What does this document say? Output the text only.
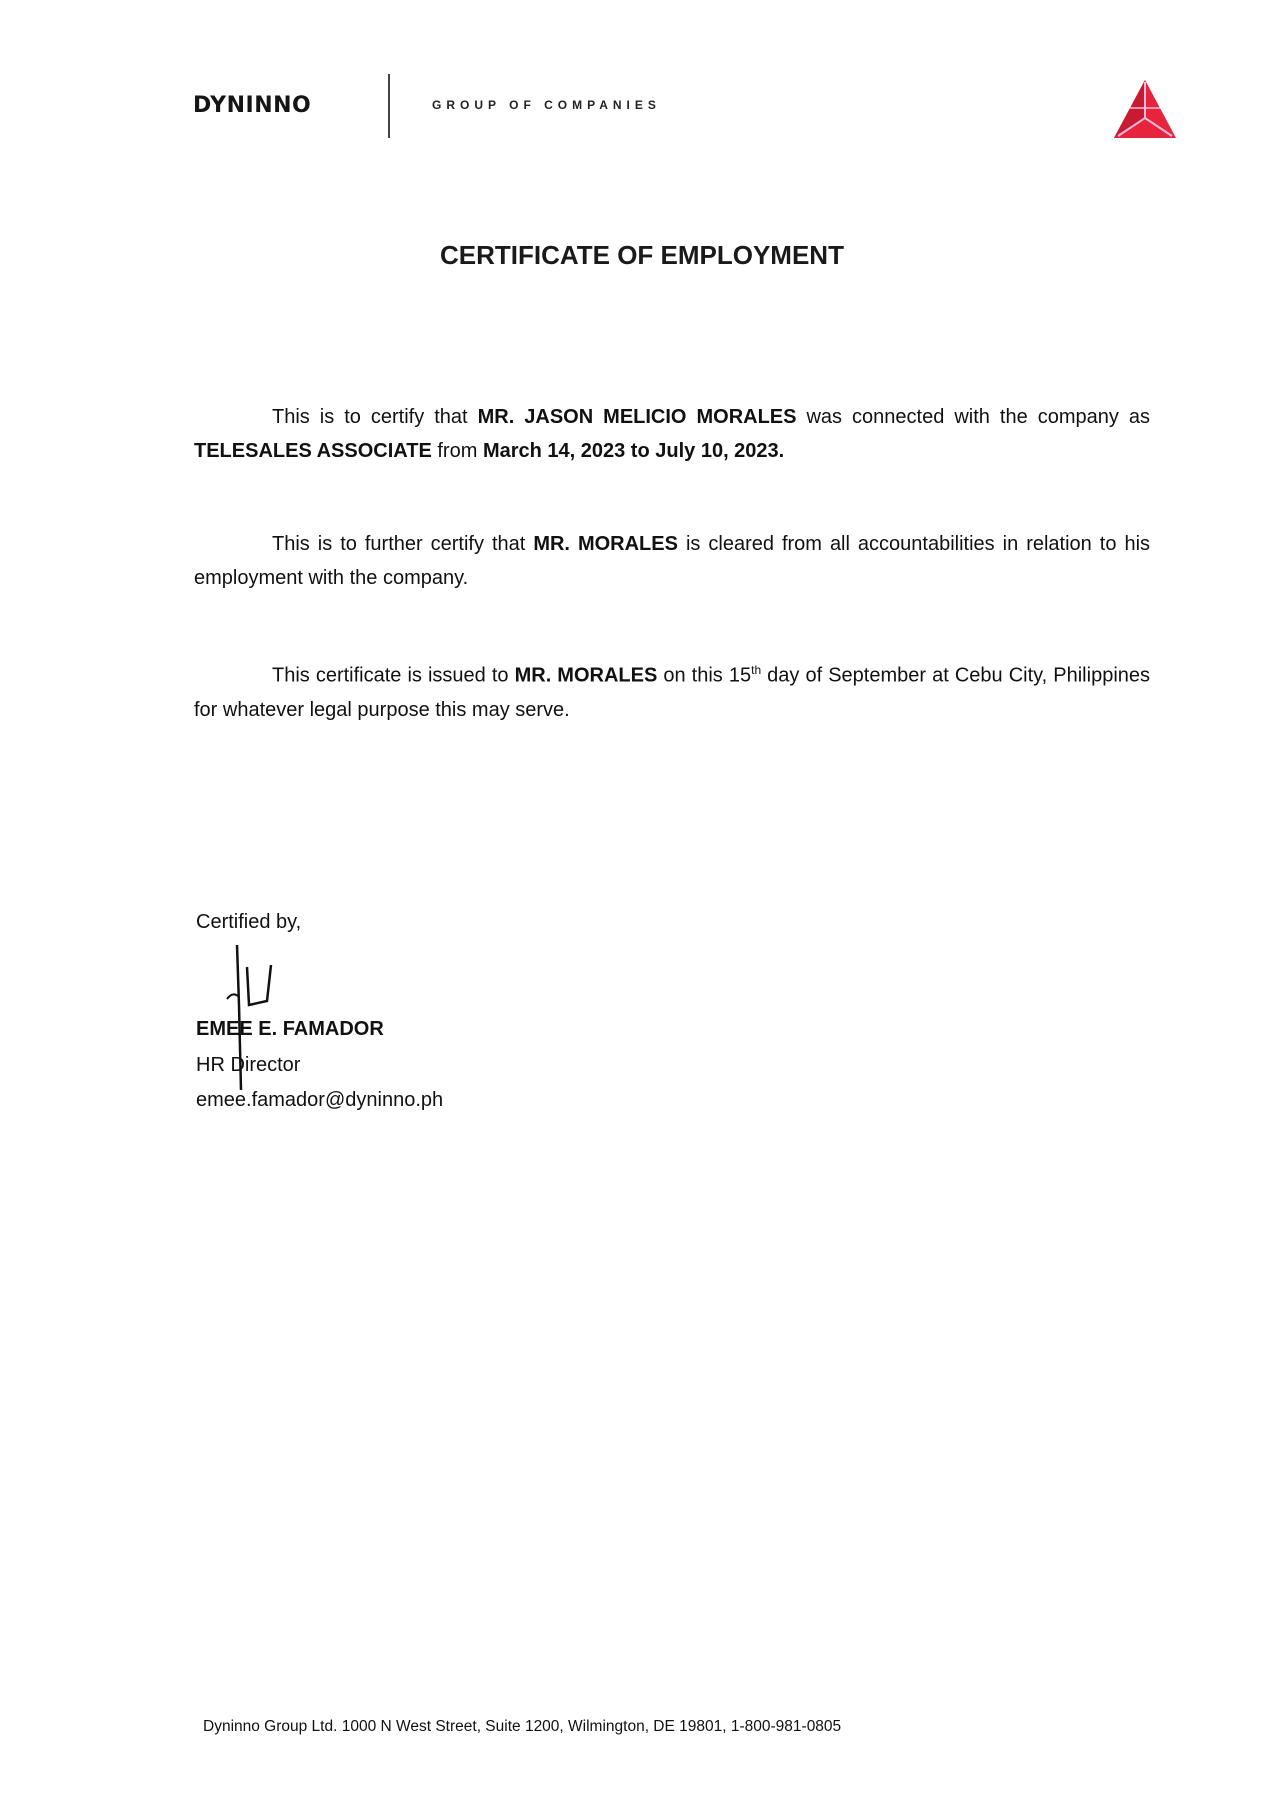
DYNINNO	GROUP OF COMPANIES
CERTIFICATE OF EMPLOYMENT
This is to certify that MR. JASON MELICIO MORALES was connected with the company as TELESALES ASSOCIATE from March 14, 2023 to July 10, 2023.
This is to further certify that MR. MORALES is cleared from all accountabilities in relation to his employment with the company.
This certificate is issued to MR. MORALES on this 15th day of September at Cebu City, Philippines for whatever legal purpose this may serve.
Certified by,
EMEE E. FAMADOR
HR Director
emee.famador@dyninno.ph
Dyninno Group Ltd. 1000 N West Street, Suite 1200, Wilmington, DE 19801, 1-800-981-0805
